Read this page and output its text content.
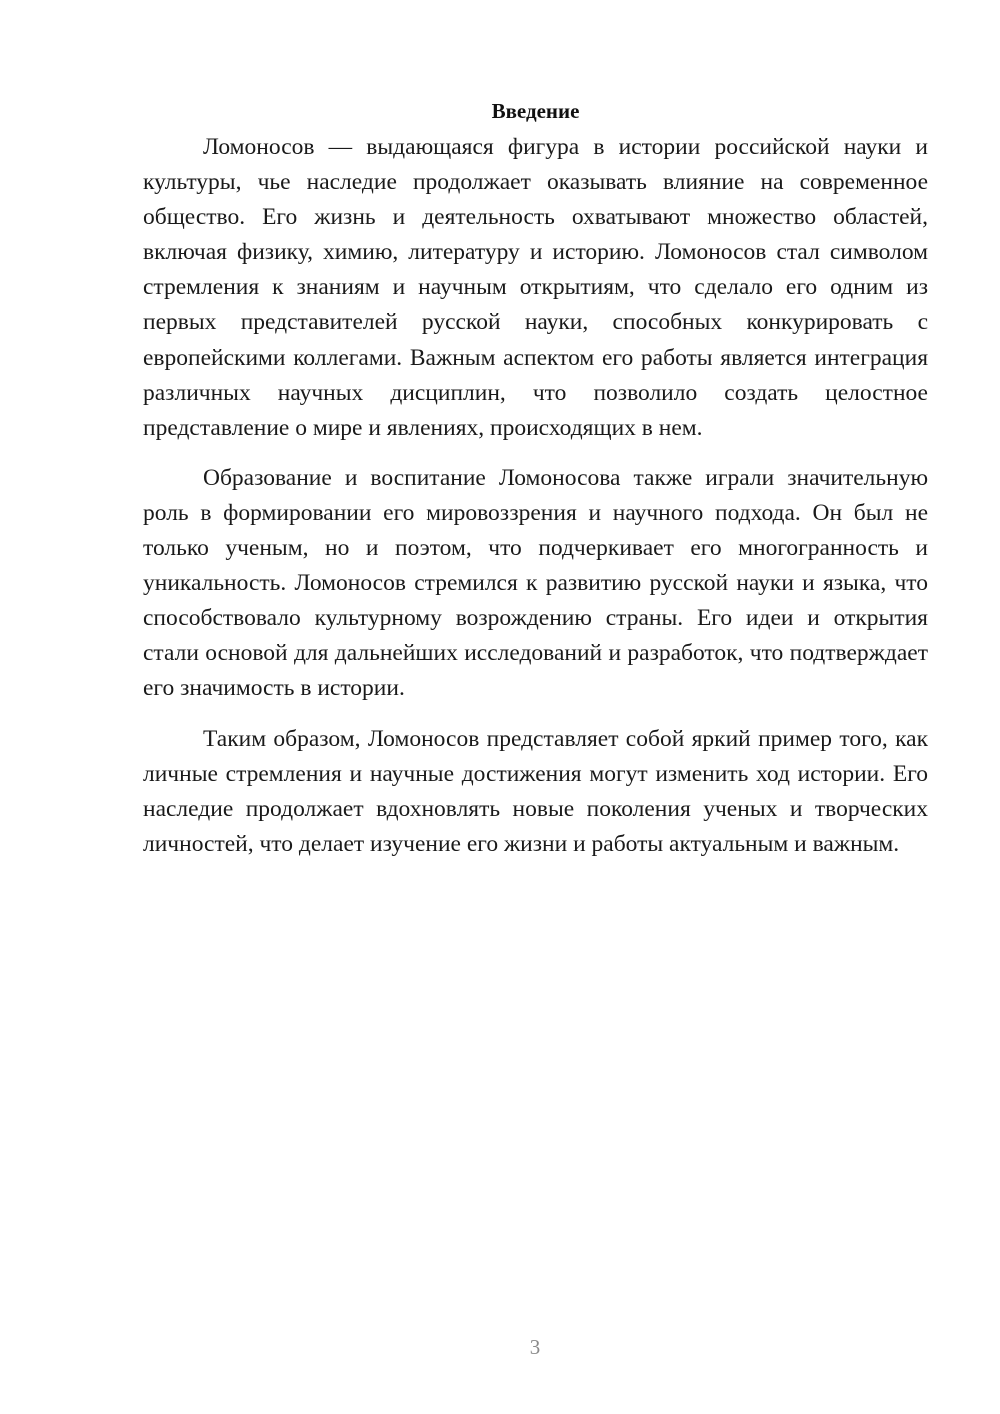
Введение

Ломоносов — выдающаяся фигура в истории российской науки и культуры, чье наследие продолжает оказывать влияние на современное общество. Его жизнь и деятельность охватывают множество областей, включая физику, химию, литературу и историю. Ломоносов стал символом стремления к знаниям и научным открытиям, что сделало его одним из первых представителей русской науки, способных конкурировать с европейскими коллегами. Важным аспектом его работы является интеграция различных научных дисциплин, что позволило создать целостное представление о мире и явлениях, происходящих в нем.

Образование и воспитание Ломоносова также играли значительную роль в формировании его мировоззрения и научного подхода. Он был не только ученым, но и поэтом, что подчеркивает его многогранность и уникальность. Ломоносов стремился к развитию русской науки и языка, что способствовало культурному возрождению страны. Его идеи и открытия стали основой для дальнейших исследований и разработок, что подтверждает его значимость в истории.

Таким образом, Ломоносов представляет собой яркий пример того, как личные стремления и научные достижения могут изменить ход истории. Его наследие продолжает вдохновлять новые поколения ученых и творческих личностей, что делает изучение его жизни и работы актуальным и важным.

3
